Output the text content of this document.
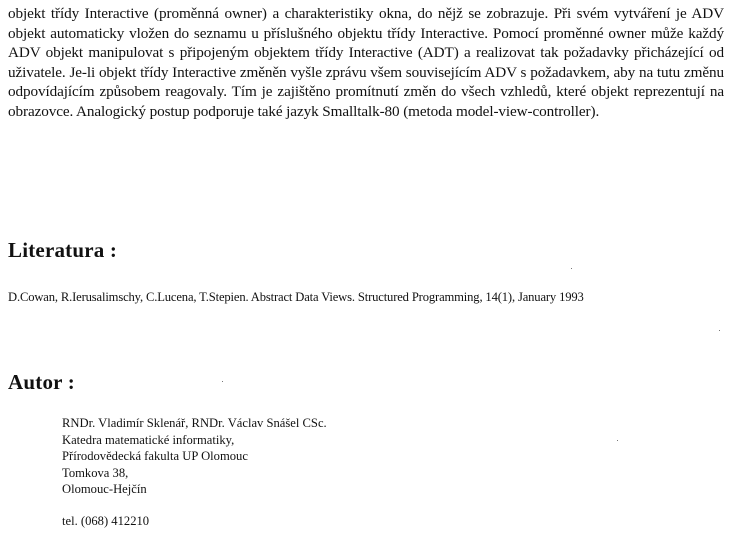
objekt třídy Interactive (proměnná owner) a charakteristiky okna, do nějž se zobrazuje. Při svém vytváření je ADV objekt automaticky vložen do seznamu u příslušného objektu třídy Interactive. Pomocí proměnné owner může každý ADV objekt manipulovat s připojeným objektem třídy Interactive (ADT) a realizovat tak požadavky přicházející od uživatele. Je-li objekt třídy Interactive změněn vyšle zprávu všem souvisejícím ADV s požadavkem, aby na tutu změnu odpovídajícím způsobem reagovaly. Tím je zajištěno promítnutí změn do všech vzhledů, které objekt reprezentují na obrazovce. Analogický postup podporuje také jazyk Smalltalk-80 (metoda model-view-controller).

Literatura :

D.Cowan, R.Ierusalimschy, C.Lucena, T.Stepien. Abstract Data Views. Structured Programming, 14(1), January 1993

Autor :
RNDr. Vladimír Sklenář, RNDr. Václav Snášel CSc.
Katedra matematické informatiky,
Přírodovědecká fakulta UP Olomouc
Tomkova 38,
Olomouc-Hejčín
tel. (068) 412210
